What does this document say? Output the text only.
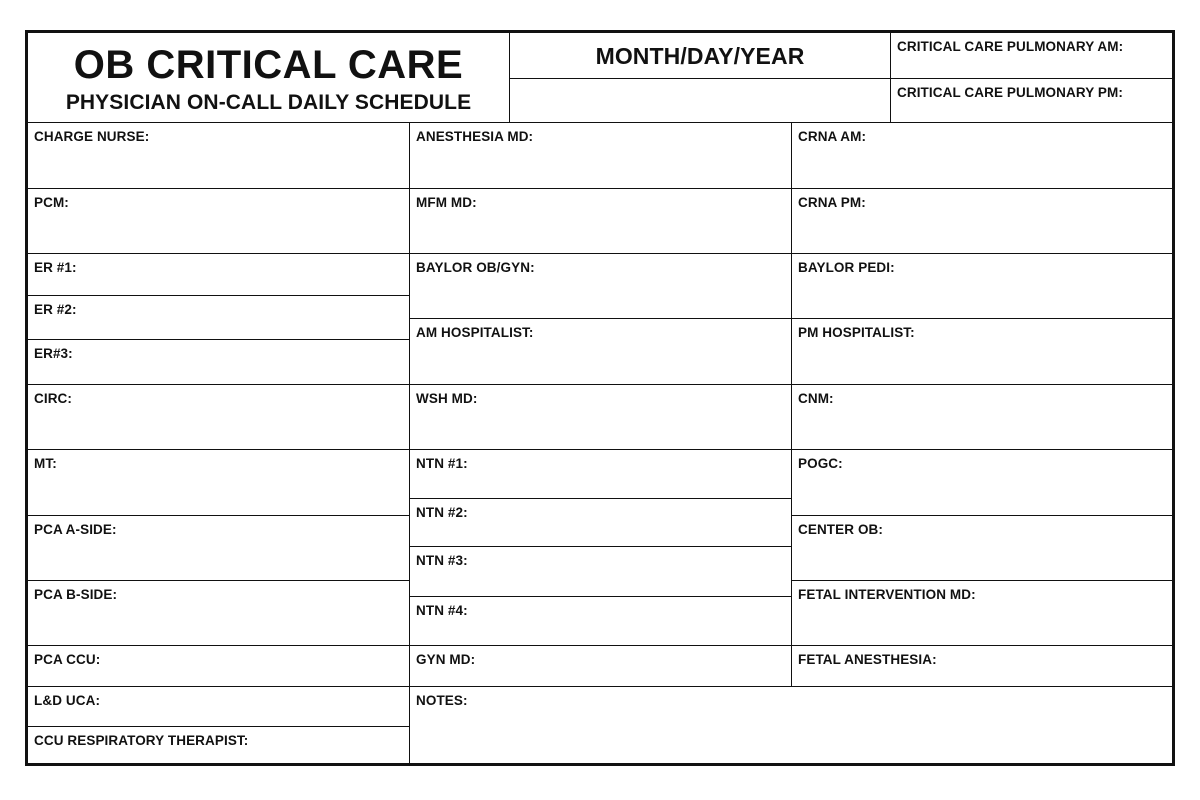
OB CRITICAL CARE
PHYSICIAN ON-CALL DAILY SCHEDULE
MONTH/DAY/YEAR	CRITICAL CARE PULMONARY AM:
CRITICAL CARE PULMONARY PM:
CHARGE NURSE:
PCM:
ER #1:
ER #2:
ER#3:
CIRC:
MT:
PCA A-SIDE:
PCA B-SIDE:
PCA CCU:
L&D UCA:
CCU RESPIRATORY THERAPIST:
ANESTHESIA MD:
MFM MD:
BAYLOR OB/GYN:
AM HOSPITALIST:
WSH MD:
NTN #1:
NTN #2:
NTN #3:
NTN #4:
GYN MD:
NOTES:
CRNA AM:
CRNA PM:
BAYLOR PEDI:
PM HOSPITALIST:
CNM:
POGC:
CENTER OB:
FETAL INTERVENTION MD:
FETAL ANESTHESIA:
